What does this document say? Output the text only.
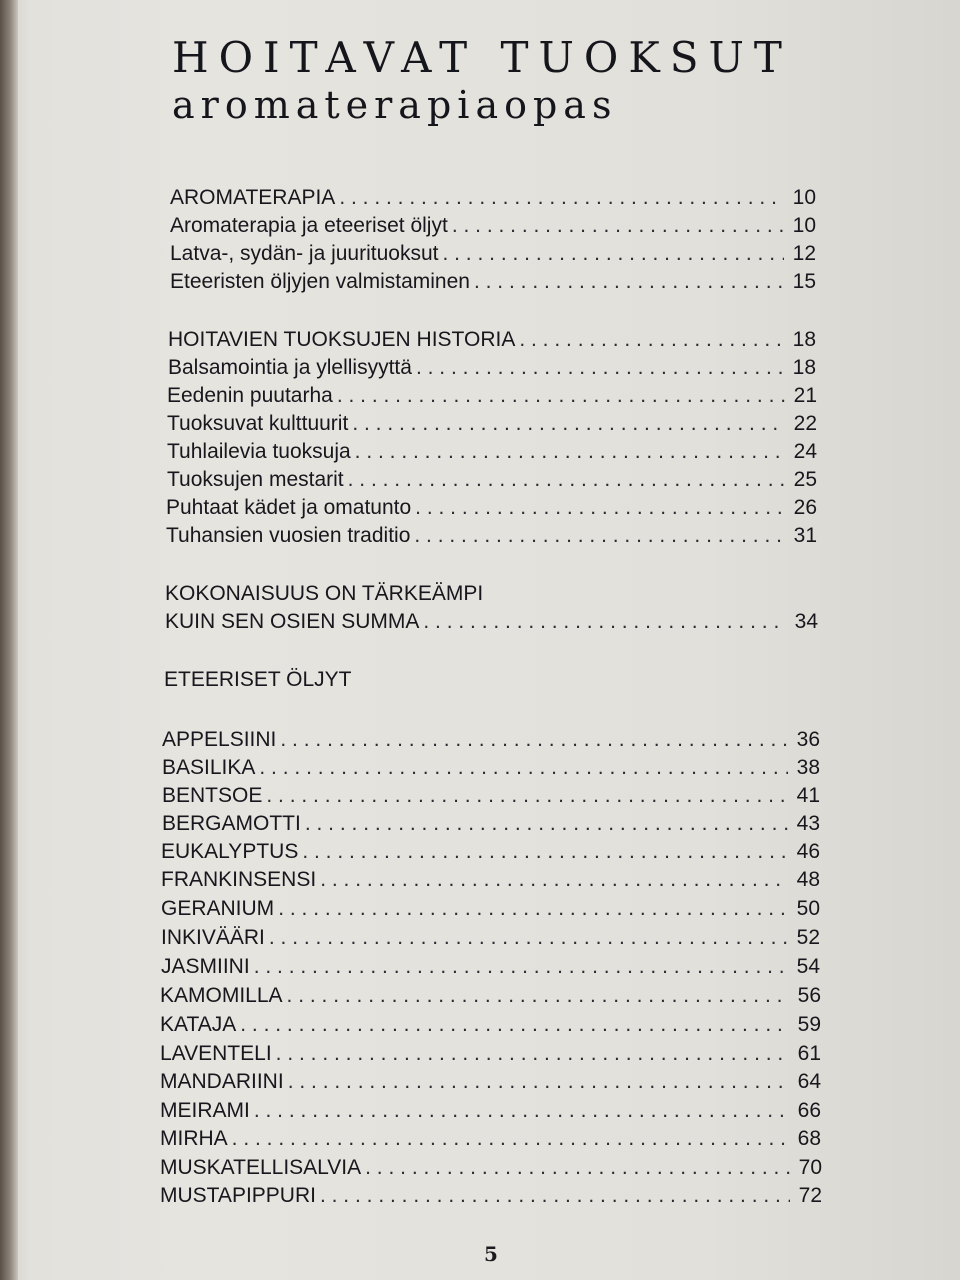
HOITAVAT TUOKSUT

aromaterapiaopas

AROMATERAPIA . . .	10
Aromaterapia ja eteeriset öljyt . . .	10
Latva-, sydän- ja juurituoksut . . .	12
Eteeristen öljyjen valmistaminen . . .	15
HOITAVIEN TUOKSUJEN HISTORIA . . .	18
Balsamointia ja ylellisyyttä . . .	18
Eedenin puutarha . . .	21
Tuoksuvat kulttuurit . . .	22
Tuhlailevia tuoksuja . . .	24
Tuoksujen mestarit . . .	25
Puhtaat kädet ja omatunto . . .	26
Tuhansien vuosien traditio . . .	31
KOKONAISUUS ON TÄRKEÄMPI
KUIN SEN OSIEN SUMMA . . .	34
ETEERISET ÖLJYT
APPELSIINI . . .	36
BASILIKA . . .	38
BENTSOE . . .	41
BERGAMOTTI . . .	43
EUKALYPTUS . . .	46
FRANKINSENSI . . .	48
GERANIUM . . .	50
INKIVÄÄRI . . .	52
JASMIINI . . .	54
KAMOMILLA . . .	56
KATAJA . . .	59
LAVENTELI . . .	61
MANDARIINI . . .	64
MEIRAMI . . .	66
MIRHA . . .	68
MUSKATELLISALVIA . . .	70
MUSTAPIPPURI . . .	72
5
